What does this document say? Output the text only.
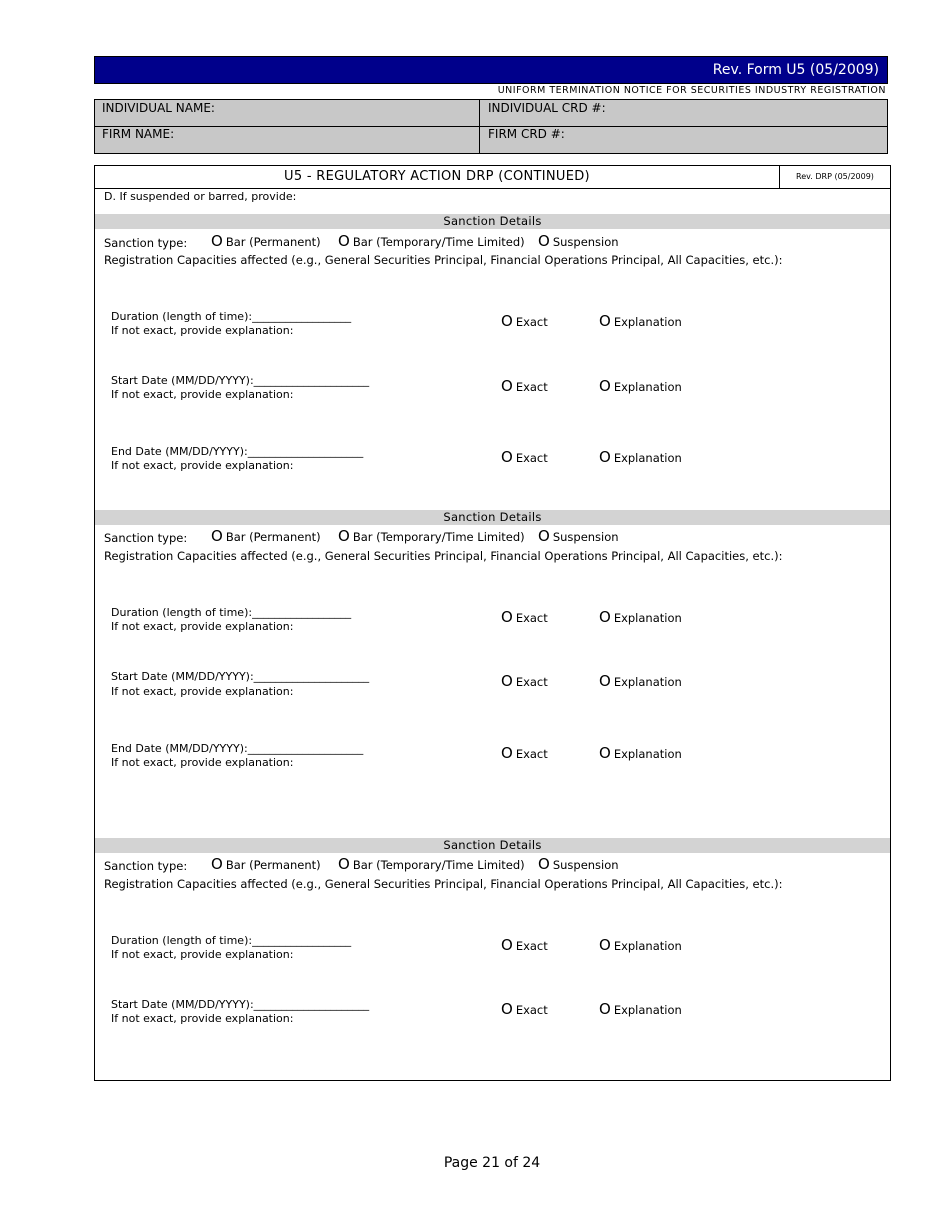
Rev. Form U5 (05/2009)
UNIFORM TERMINATION NOTICE FOR SECURITIES INDUSTRY REGISTRATION
INDIVIDUAL NAME:	INDIVIDUAL CRD #:
FIRM NAME:	FIRM CRD #:
U5 - REGULATORY ACTION DRP (CONTINUED)	Rev. DRP (05/2009)
D. If suspended or barred, provide:
Sanction Details
Sanction type: O Bar (Permanent) O Bar (Temporary/Time Limited) O Suspension
Registration Capacities affected (e.g., General Securities Principal, Financial Operations Principal, All Capacities, etc.):
Duration (length of time):__________________
If not exact, provide explanation:
O Exact	O Explanation
Start Date (MM/DD/YYYY):_____________________
If not exact, provide explanation:	O Exact	O Explanation
End Date (MM/DD/YYYY):_____________________
If not exact, provide explanation:	O Exact	O Explanation
Sanction Details
Sanction type: O Bar (Permanent) O Bar (Temporary/Time Limited) O Suspension
Registration Capacities affected (e.g., General Securities Principal, Financial Operations Principal, All Capacities, etc.):
Duration (length of time):__________________
If not exact, provide explanation:
O Exact	O Explanation
Start Date (MM/DD/YYYY):_____________________
If not exact, provide explanation:
O Exact	O Explanation
End Date (MM/DD/YYYY):_____________________
If not exact, provide explanation:
O Exact	O Explanation
Sanction Details
Sanction type: O Bar (Permanent) O Bar (Temporary/Time Limited) O Suspension
Registration Capacities affected (e.g., General Securities Principal, Financial Operations Principal, All Capacities, etc.):
Duration (length of time):__________________
If not exact, provide explanation:
O Exact	O Explanation
Start Date (MM/DD/YYYY):_____________________
If not exact, provide explanation:
O Exact	O Explanation
Page 21 of 24
